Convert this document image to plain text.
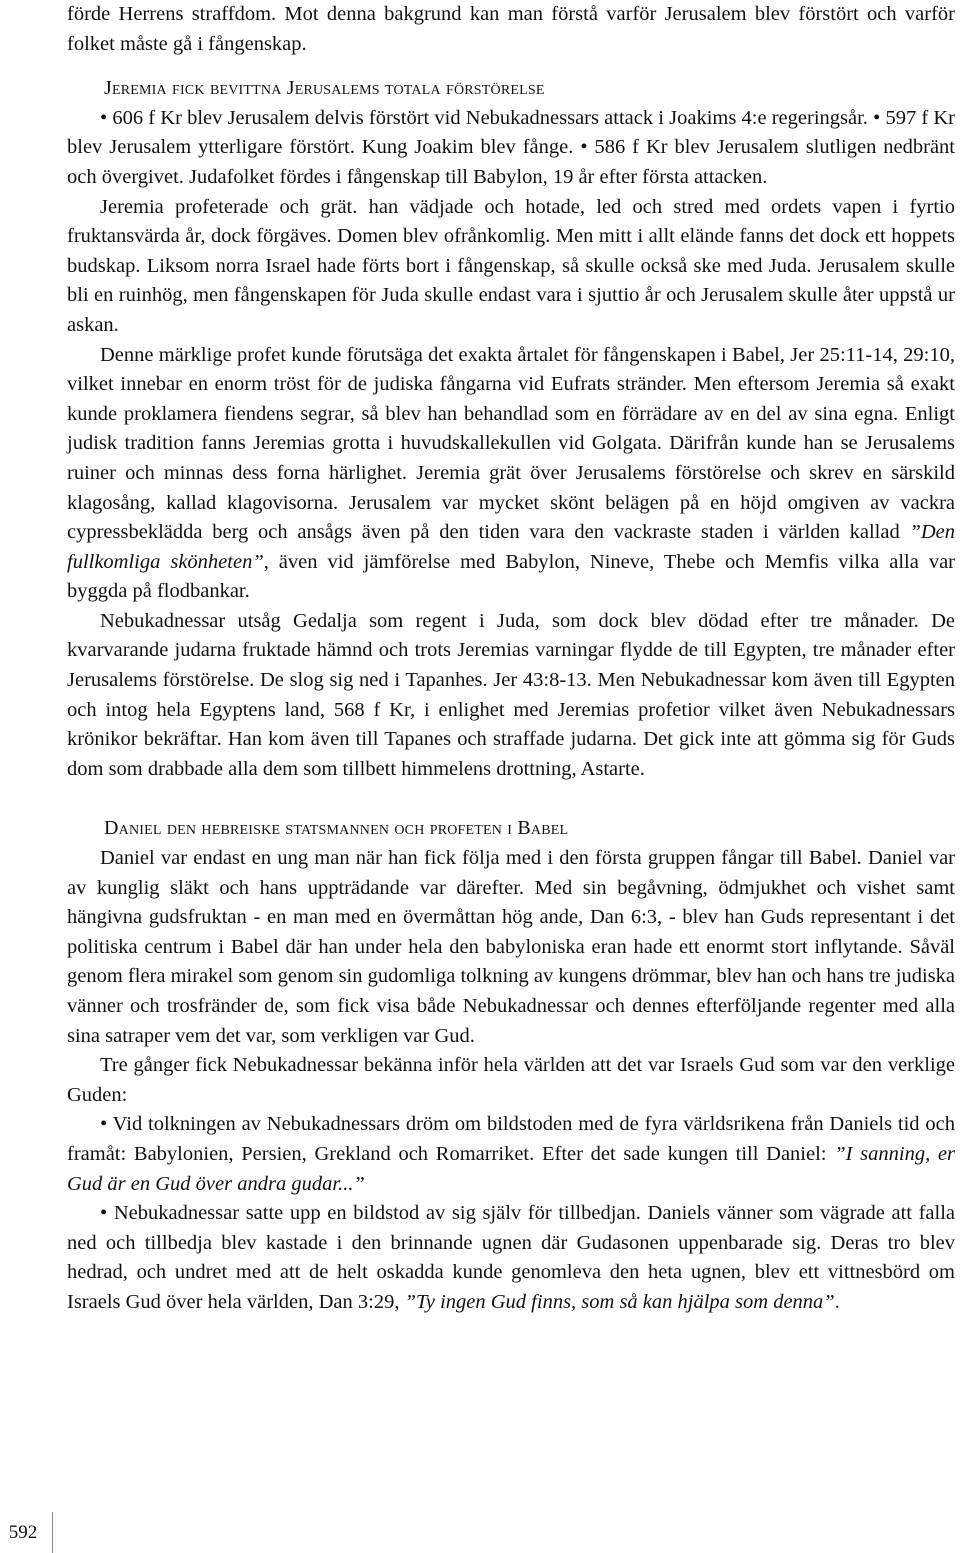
förde Herrens straffdom. Mot denna bakgrund kan man förstå varför Jerusalem blev förstört och varför folket måste gå i fångenskap.

Jeremia fick bevittna Jerusalems totala förstörelse

• 606 f Kr blev Jerusalem delvis förstört vid Nebukadnessars attack i Joakims 4:e regeringsår. • 597 f Kr blev Jerusalem ytterligare förstört. Kung Joakim blev fånge. • 586 f Kr blev Jerusalem slutligen nedbränt och övergivet. Judafolket fördes i fångenskap till Babylon, 19 år efter första attacken.

Jeremia profeterade och grät. han vädjade och hotade, led och stred med ordets vapen i fyrtio fruktansvärda år, dock förgäves. Domen blev ofrånkomlig. Men mitt i allt elände fanns det dock ett hoppets budskap. Liksom norra Israel hade förts bort i fångenskap, så skulle också ske med Juda. Jerusalem skulle bli en ruinhög, men fångenskapen för Juda skulle endast vara i sjuttio år och Jerusalem skulle åter uppstå ur askan.

Denne märklige profet kunde förutsäga det exakta årtalet för fångenskapen i Babel, Jer 25:11-14, 29:10, vilket innebar en enorm tröst för de judiska fångarna vid Eufrats stränder. Men eftersom Jeremia så exakt kunde proklamera fiendens segrar, så blev han behandlad som en förrädare av en del av sina egna. Enligt judisk tradition fanns Jeremias grotta i huvudskallekullen vid Golgata. Därifrån kunde han se Jerusalems ruiner och minnas dess forna härlighet. Jeremia grät över Jerusalems förstörelse och skrev en särskild klagosång, kallad klagovisorna. Jerusalem var mycket skönt belägen på en höjd omgiven av vackra cypressbeklädda berg och ansågs även på den tiden vara den vackraste staden i världen kallad ”Den fullkomliga skönheten”, även vid jämförelse med Babylon, Nineve, Thebe och Memfis vilka alla var byggda på flodbankar.

Nebukadnessar utsåg Gedalja som regent i Juda, som dock blev dödad efter tre månader. De kvarvarande judarna fruktade hämnd och trots Jeremias varningar flydde de till Egypten, tre månader efter Jerusalems förstörelse. De slog sig ned i Tapanhes. Jer 43:8-13. Men Nebukadnessar kom även till Egypten och intog hela Egyptens land, 568 f Kr, i enlighet med Jeremias profetior vilket även Nebukadnessars krönikor bekräftar. Han kom även till Tapanes och straffade judarna. Det gick inte att gömma sig för Guds dom som drabbade alla dem som tillbett himmelens drottning, Astarte.

Daniel den hebreiske statsmannen och profeten i Babel

Daniel var endast en ung man när han fick följa med i den första gruppen fångar till Babel. Daniel var av kunglig släkt och hans uppträdande var därefter. Med sin begåvning, ödmjukhet och vishet samt hängivna gudsfruktan - en man med en övermåttan hög ande, Dan 6:3, - blev han Guds representant i det politiska centrum i Babel där han under hela den babyloniska eran hade ett enormt stort inflytande. Såväl genom flera mirakel som genom sin gudomliga tolkning av kungens drömmar, blev han och hans tre judiska vänner och trosfränder de, som fick visa både Nebukadnessar och dennes efterföljande regenter med alla sina satraper vem det var, som verkligen var Gud.

Tre gånger fick Nebukadnessar bekänna inför hela världen att det var Israels Gud som var den verklige Guden:

• Vid tolkningen av Nebukadnessars dröm om bildstoden med de fyra världsrikena från Daniels tid och framåt: Babylonien, Persien, Grekland och Romarriket. Efter det sade kungen till Daniel: ”I sanning, er Gud är en Gud över andra gudar...”

• Nebukadnessar satte upp en bildstod av sig själv för tillbedjan. Daniels vänner som vägrade att falla ned och tillbedja blev kastade i den brinnande ugnen där Gudasonen uppenbarade sig. Deras tro blev hedrad, och undret med att de helt oskadda kunde genomleva den heta ugnen, blev ett vittnesbörd om Israels Gud över hela världen, Dan 3:29, ”Ty ingen Gud finns, som så kan hjälpa som denna”.

592
